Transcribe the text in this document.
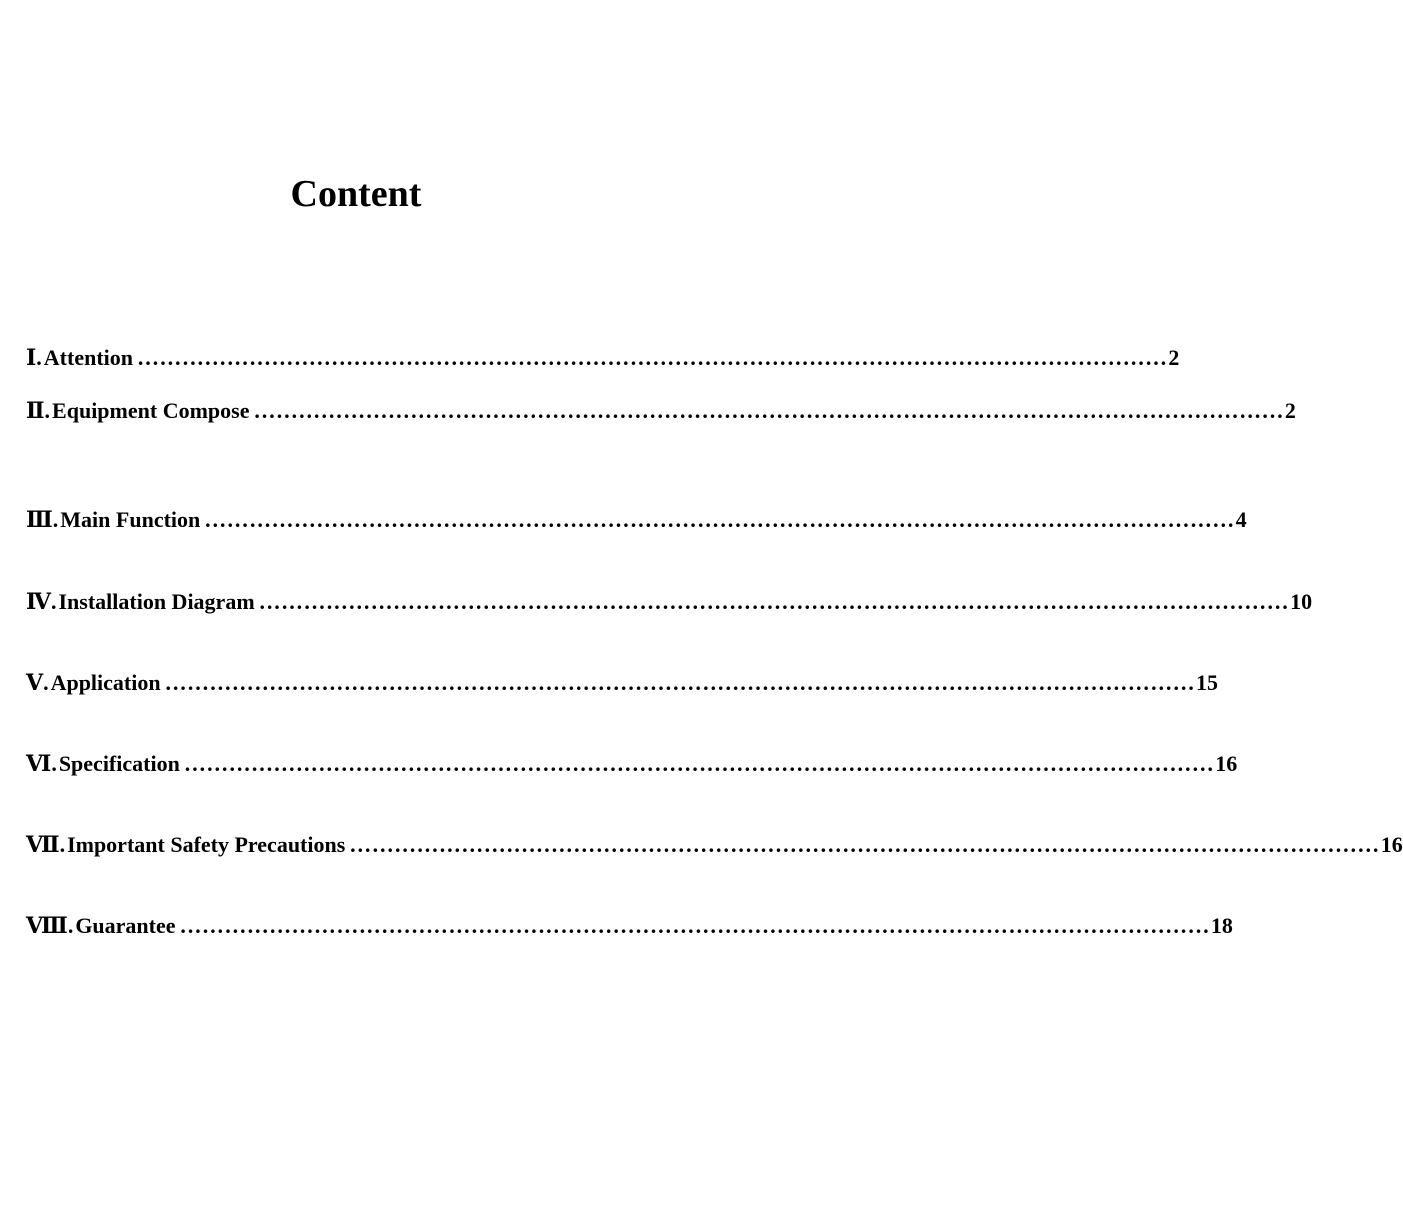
Content
Ⅰ . Attention ………………………………………………………………………………………………………………………… 2
Ⅱ . Equipment Compose ………………………………………………………………………………………………………………………… 2
Ⅲ . Main Function ………………………………………………………………………………………………………………………… 4
Ⅳ . Installation Diagram ………………………………………………………………………………………………………………………… 10
Ⅴ . Application ………………………………………………………………………………………………………………………… 15
Ⅵ . Specification ………………………………………………………………………………………………………………………… 16
Ⅶ . Important Safety Precautions ………………………………………………………………………………………………………………………… 16
Ⅷ . Guarantee ………………………………………………………………………………………………………………………… 18
